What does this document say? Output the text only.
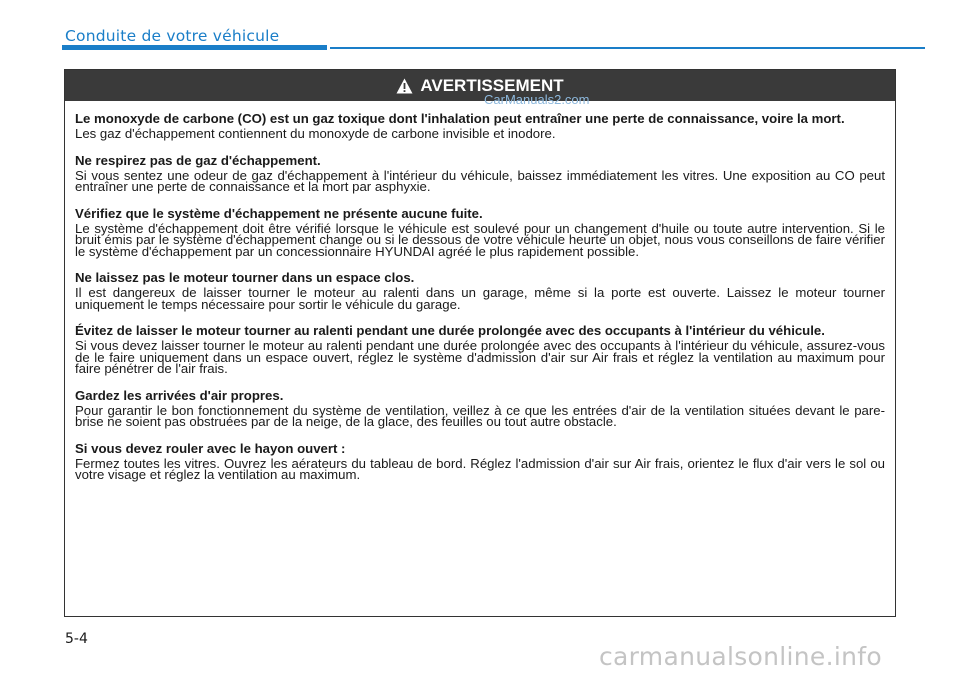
Conduite de votre véhicule
AVERTISSEMENT
Le monoxyde de carbone (CO) est un gaz toxique dont l'inhalation peut entraîner une perte de connaissance, voire la mort.
Les gaz d'échappement contiennent du monoxyde de carbone invisible et inodore.
Ne respirez pas de gaz d'échappement.
Si vous sentez une odeur de gaz d'échappement à l'intérieur du véhicule, baissez immédiatement les vitres. Une exposition au CO peut entraîner une perte de connaissance et la mort par asphyxie.
Vérifiez que le système d'échappement ne présente aucune fuite.
Le système d'échappement doit être vérifié lorsque le véhicule est soulevé pour un changement d'huile ou toute autre intervention. Si le bruit émis par le système d'échappement change ou si le dessous de votre véhicule heurte un objet, nous vous conseillons de faire vérifier le système d'échappement par un concessionnaire HYUNDAI agréé le plus rapidement possible.
Ne laissez pas le moteur tourner dans un espace clos.
Il est dangereux de laisser tourner le moteur au ralenti dans un garage, même si la porte est ouverte. Laissez le moteur tourner uniquement le temps nécessaire pour sortir le véhicule du garage.
Évitez de laisser le moteur tourner au ralenti pendant une durée prolongée avec des occupants à l'intérieur du véhicule.
Si vous devez laisser tourner le moteur au ralenti pendant une durée prolongée avec des occupants à l'intérieur du véhicule, assurez-vous de le faire uniquement dans un espace ouvert, réglez le système d'admission d'air sur Air frais et réglez la ventilation au maximum pour faire pénétrer de l'air frais.
Gardez les arrivées d'air propres.
Pour garantir le bon fonctionnement du système de ventilation, veillez à ce que les entrées d'air de la ventilation situées devant le pare-brise ne soient pas obstruées par de la neige, de la glace, des feuilles ou tout autre obstacle.
Si vous devez rouler avec le hayon ouvert :
Fermez toutes les vitres. Ouvrez les aérateurs du tableau de bord. Réglez l'admission d'air sur Air frais, orientez le flux d'air vers le sol ou votre visage et réglez la ventilation au maximum.
CarManuals2.com
5-4
carmanualsonline.info
